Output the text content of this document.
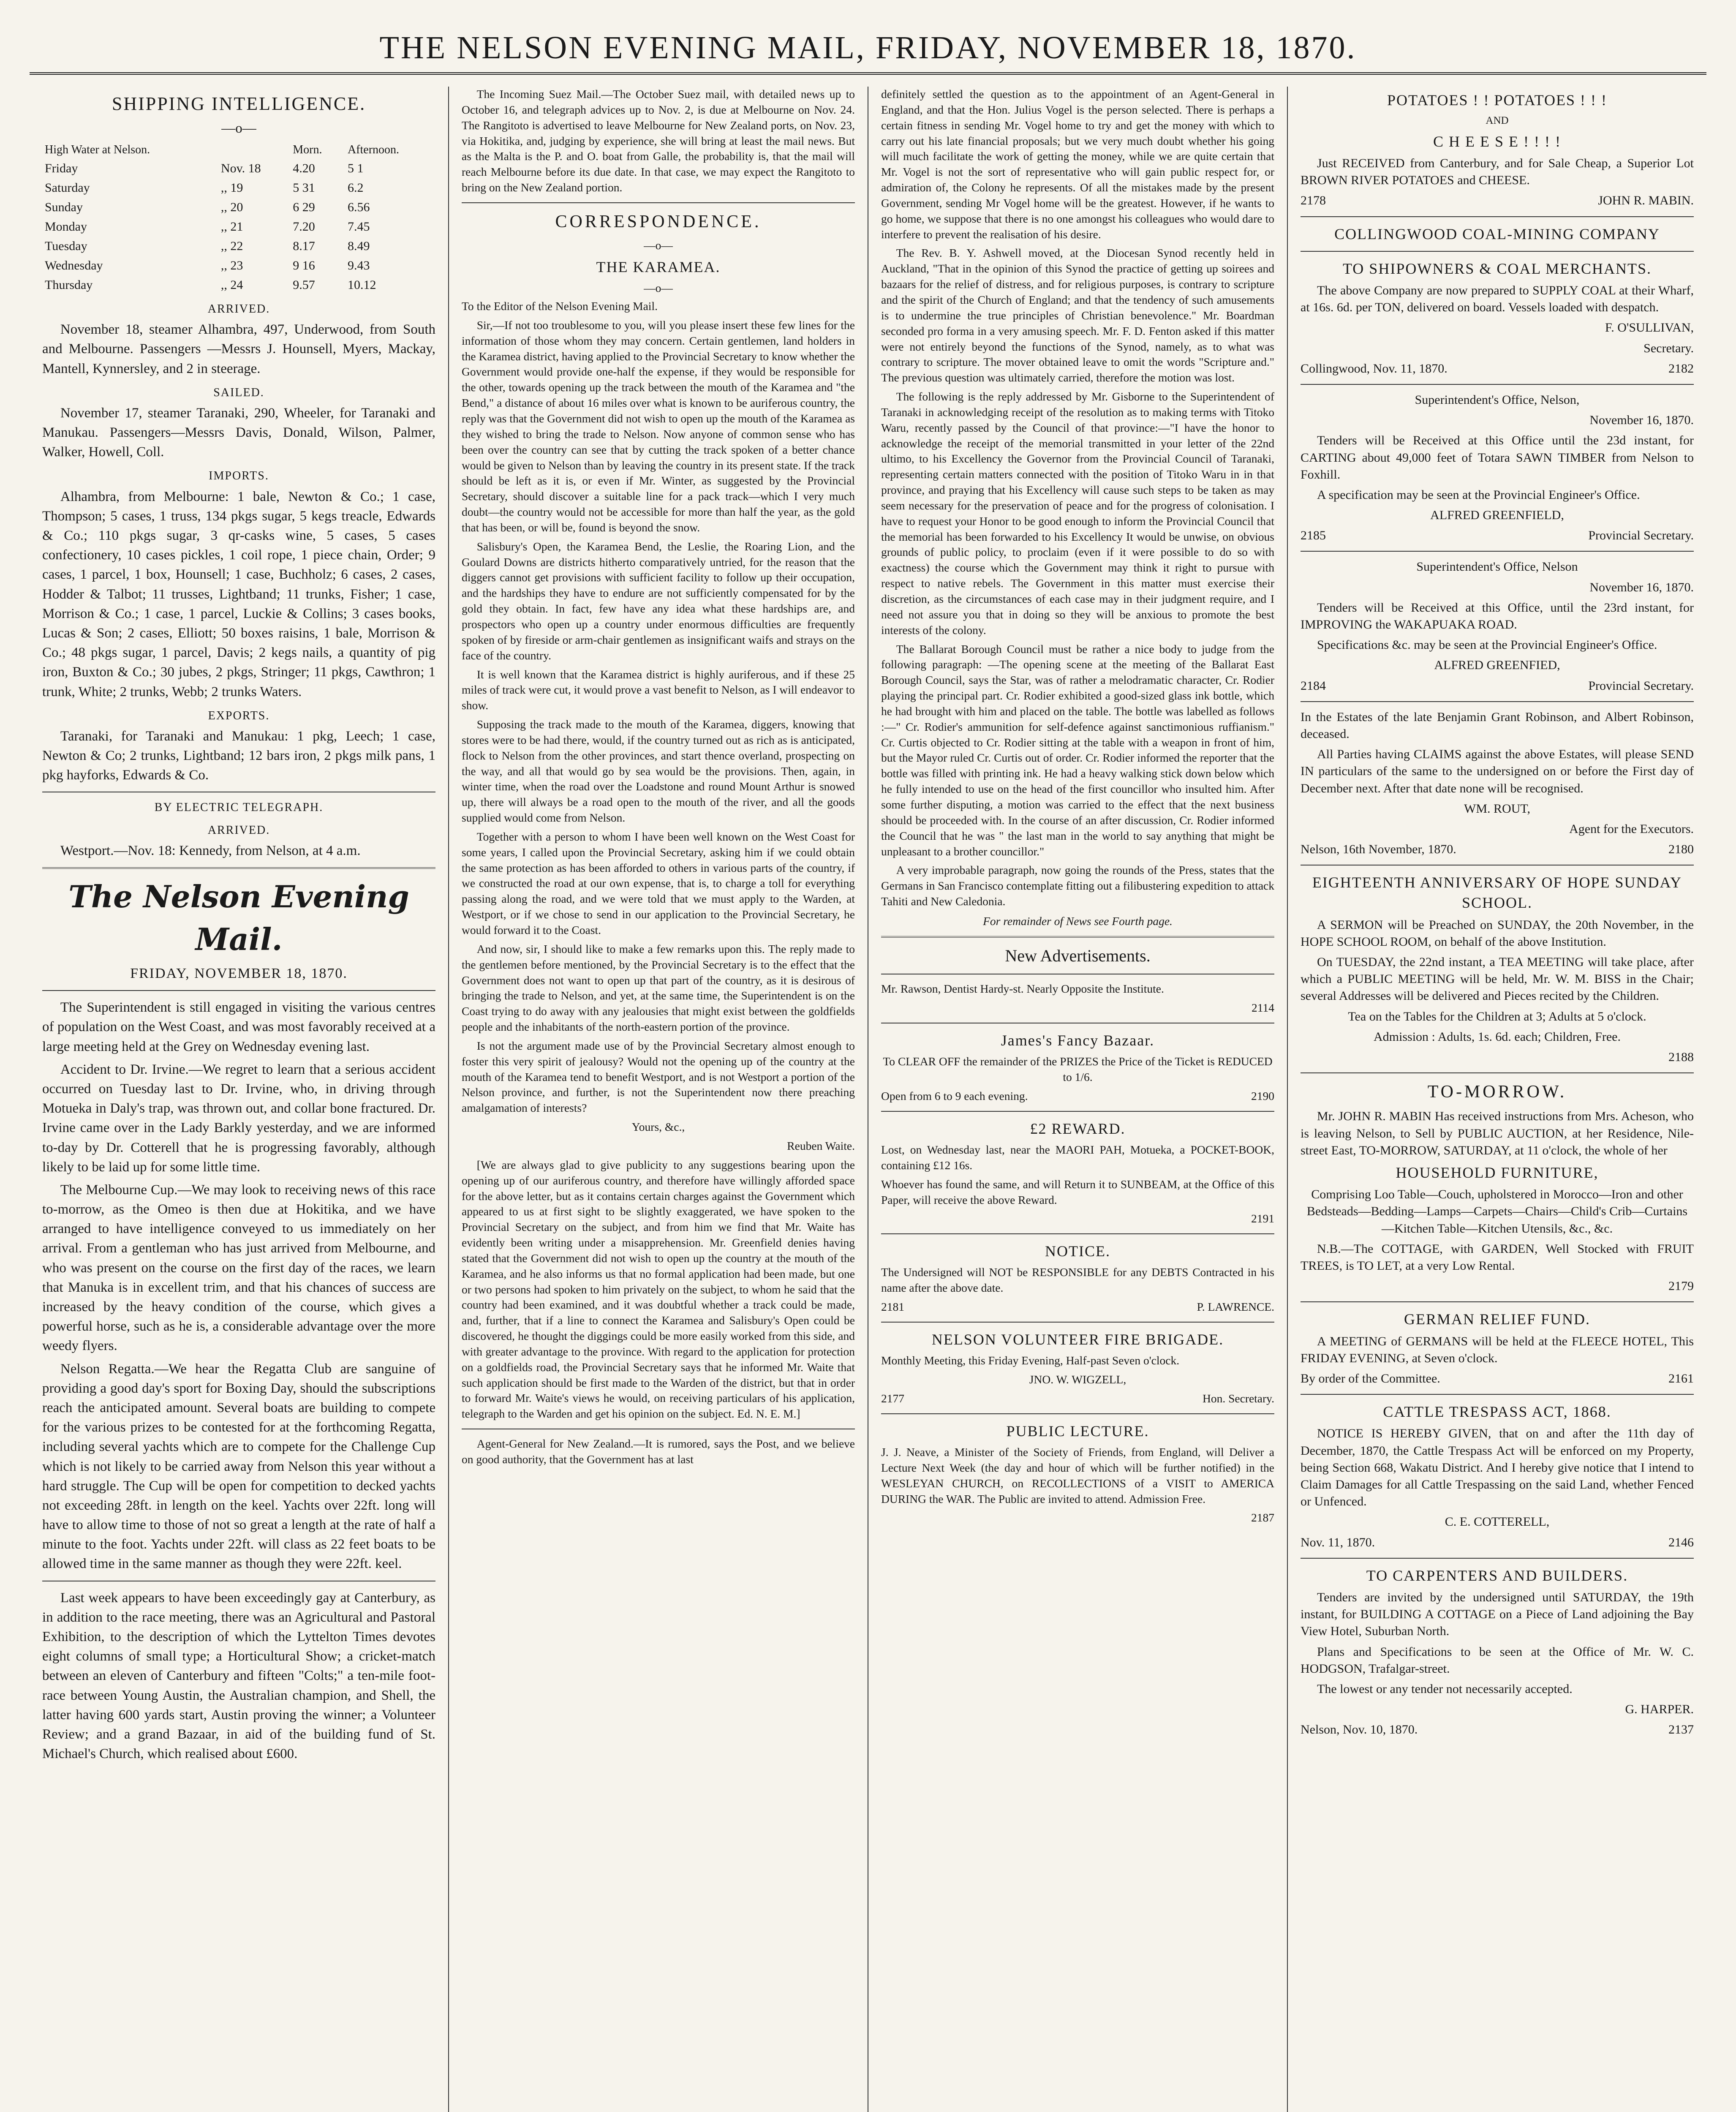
THE NELSON EVENING MAIL, FRIDAY, NOVEMBER 18, 1870.
SHIPPING INTELLIGENCE.
—o—
High Water at Nelson.		Morn.	Afternoon.
Friday	Nov. 18	4.20	5 1
Saturday	,, 19	5 31	6.2
Sunday	,, 20	6 29	6.56
Monday	,, 21	7.20	7.45
Tuesday	,, 22	8.17	8.49
Wednesday	,, 23	9 16	9.43
Thursday	,, 24	9.57	10.12
ARRIVED.

November 18, steamer Alhambra, 497, Underwood, from South and Melbourne. Passengers —Messrs J. Hounsell, Myers, Mackay, Mantell, Kynnersley, and 2 in steerage.

SAILED.

November 17, steamer Taranaki, 290, Wheeler, for Taranaki and Manukau. Passengers—Messrs Davis, Donald, Wilson, Palmer, Walker, Howell, Coll.

IMPORTS.

Alhambra, from Melbourne: 1 bale, Newton & Co.; 1 case, Thompson; 5 cases, 1 truss, 134 pkgs sugar, 5 kegs treacle, Edwards & Co.; 110 pkgs sugar, 3 qr-casks wine, 5 cases, 5 cases confectionery, 10 cases pickles, 1 coil rope, 1 piece chain, Order; 9 cases, 1 parcel, 1 box, Hounsell; 1 case, Buchholz; 6 cases, 2 cases, Hodder & Talbot; 11 trusses, Lightband; 11 trunks, Fisher; 1 case, Morrison & Co.; 1 case, 1 parcel, Luckie & Collins; 3 cases books, Lucas & Son; 2 cases, Elliott; 50 boxes raisins, 1 bale, Morrison & Co.; 48 pkgs sugar, 1 parcel, Davis; 2 kegs nails, a quantity of pig iron, Buxton & Co.; 30 jubes, 2 pkgs, Stringer; 11 pkgs, Cawthron; 1 trunk, White; 2 trunks, Webb; 2 trunks Waters.

EXPORTS.

Taranaki, for Taranaki and Manukau: 1 pkg, Leech; 1 case, Newton & Co; 2 trunks, Lightband; 12 bars iron, 2 pkgs milk pans, 1 pkg hayforks, Edwards & Co.

BY ELECTRIC TELEGRAPH.
ARRIVED.

Westport.—Nov. 18: Kennedy, from Nelson, at 4 a.m.

The Nelson Evening Mail.
FRIDAY, NOVEMBER 18, 1870.

The Superintendent is still engaged in visiting the various centres of population on the West Coast, and was most favorably received at a large meeting held at the Grey on Wednesday evening last.

Accident to Dr. Irvine.—We regret to learn that a serious accident occurred on Tuesday last to Dr. Irvine, who, in driving through Motueka in Daly's trap, was thrown out, and collar bone fractured. Dr. Irvine came over in the Lady Barkly yesterday, and we are informed to-day by Dr. Cotterell that he is progressing favorably, although likely to be laid up for some little time.

The Melbourne Cup.—We may look to receiving news of this race to-morrow, as the Omeo is then due at Hokitika, and we have arranged to have intelligence conveyed to us immediately on her arrival. From a gentleman who has just arrived from Melbourne, and who was present on the course on the first day of the races, we learn that Manuka is in excellent trim, and that his chances of success are increased by the heavy condition of the course, which gives a powerful horse, such as he is, a considerable advantage over the more weedy flyers.

Nelson Regatta.—We hear the Regatta Club are sanguine of providing a good day's sport for Boxing Day, should the subscriptions reach the anticipated amount. Several boats are building to compete for the various prizes to be contested for at the forthcoming Regatta, including several yachts which are to compete for the Challenge Cup which is not likely to be carried away from Nelson this year without a hard struggle. The Cup will be open for competition to decked yachts not exceeding 28ft. in length on the keel. Yachts over 22ft. long will have to allow time to those of not so great a length at the rate of half a minute to the foot. Yachts under 22ft. will class as 22 feet boats to be allowed time in the same manner as though they were 22ft. keel.

Last week appears to have been exceedingly gay at Canterbury, as in addition to the race meeting, there was an Agricultural and Pastoral Exhibition, to the description of which the Lyttelton Times devotes eight columns of small type; a Horticultural Show; a cricket-match between an eleven of Canterbury and fifteen "Colts;" a ten-mile foot-race between Young Austin, the Australian champion, and Shell, the latter having 600 yards start, Austin proving the winner; a Volunteer Review; and a grand Bazaar, in aid of the building fund of St. Michael's Church, which realised about £600.

The Incoming Suez Mail.—The October Suez mail, with detailed news up to October 16, and telegraph advices up to Nov. 2, is due at Melbourne on Nov. 24. The Rangitoto is advertised to leave Melbourne for New Zealand ports, on Nov. 23, via Hokitika, and, judging by experience, she will bring at least the mail news. But as the Malta is the P. and O. boat from Galle, the probability is, that the mail will reach Melbourne before its due date. In that case, we may expect the Rangitoto to bring on the New Zealand portion.

CORRESPONDENCE.
—o—
THE KARAMEA.
—o—

To the Editor of the Nelson Evening Mail.

Sir,—If not too troublesome to you, will you please insert these few lines for the information of those whom they may concern. Certain gentlemen, land holders in the Karamea district, having applied to the Provincial Secretary to know whether the Government would provide one-half the expense, if they would be responsible for the other, towards opening up the track between the mouth of the Karamea and "the Bend," a distance of about 16 miles over what is known to be auriferous country, the reply was that the Government did not wish to open up the mouth of the Karamea as they wished to bring the trade to Nelson. Now anyone of common sense who has been over the country can see that by cutting the track spoken of a better chance would be given to Nelson than by leaving the country in its present state. If the track should be left as it is, or even if Mr. Winter, as suggested by the Provincial Secretary, should discover a suitable line for a pack track—which I very much doubt—the country would not be accessible for more than half the year, as the gold that has been, or will be, found is beyond the snow.

Salisbury's Open, the Karamea Bend, the Leslie, the Roaring Lion, and the Goulard Downs are districts hitherto comparatively untried, for the reason that the diggers cannot get provisions with sufficient facility to follow up their occupation, and the hardships they have to endure are not sufficiently compensated for by the gold they obtain. In fact, few have any idea what these hardships are, and prospectors who open up a country under enormous difficulties are frequently spoken of by fireside or arm-chair gentlemen as insignificant waifs and strays on the face of the country.

It is well known that the Karamea district is highly auriferous, and if these 25 miles of track were cut, it would prove a vast benefit to Nelson, as I will endeavor to show.

Supposing the track made to the mouth of the Karamea, diggers, knowing that stores were to be had there, would, if the country turned out as rich as is anticipated, flock to Nelson from the other provinces, and start thence overland, prospecting on the way, and all that would go by sea would be the provisions. Then, again, in winter time, when the road over the Loadstone and round Mount Arthur is snowed up, there will always be a road open to the mouth of the river, and all the goods supplied would come from Nelson.

Together with a person to whom I have been well known on the West Coast for some years, I called upon the Provincial Secretary, asking him if we could obtain the same protection as has been afforded to others in various parts of the country, if we constructed the road at our own expense, that is, to charge a toll for everything passing along the road, and we were told that we must apply to the Warden, at Westport, or if we chose to send in our application to the Provincial Secretary, he would forward it to the Coast.

And now, sir, I should like to make a few remarks upon this. The reply made to the gentlemen before mentioned, by the Provincial Secretary is to the effect that the Government does not want to open up that part of the country, as it is desirous of bringing the trade to Nelson, and yet, at the same time, the Superintendent is on the Coast trying to do away with any jealousies that might exist between the goldfields people and the inhabitants of the north-eastern portion of the province.

Is not the argument made use of by the Provincial Secretary almost enough to foster this very spirit of jealousy? Would not the opening up of the country at the mouth of the Karamea tend to benefit Westport, and is not Westport a portion of the Nelson province, and further, is not the Superintendent now there preaching amalgamation of interests?

Yours, &c.,

Reuben Waite.

[We are always glad to give publicity to any suggestions bearing upon the opening up of our auriferous country, and therefore have willingly afforded space for the above letter, but as it contains certain charges against the Government which appeared to us at first sight to be slightly exaggerated, we have spoken to the Provincial Secretary on the subject, and from him we find that Mr. Waite has evidently been writing under a misapprehension. Mr. Greenfield denies having stated that the Government did not wish to open up the country at the mouth of the Karamea, and he also informs us that no formal application had been made, but one or two persons had spoken to him privately on the subject, to whom he said that the country had been examined, and it was doubtful whether a track could be made, and, further, that if a line to connect the Karamea and Salisbury's Open could be discovered, he thought the diggings could be more easily worked from this side, and with greater advantage to the province. With regard to the application for protection on a goldfields road, the Provincial Secretary says that he informed Mr. Waite that such application should be first made to the Warden of the district, but that in order to forward Mr. Waite's views he would, on receiving particulars of his application, telegraph to the Warden and get his opinion on the subject. Ed. N. E. M.]

Agent-General for New Zealand.—It is rumored, says the Post, and we believe on good authority, that the Government has at last

definitely settled the question as to the appointment of an Agent-General in England, and that the Hon. Julius Vogel is the person selected. There is perhaps a certain fitness in sending Mr. Vogel home to try and get the money with which to carry out his late financial proposals; but we very much doubt whether his going will much facilitate the work of getting the money, while we are quite certain that Mr. Vogel is not the sort of representative who will gain public respect for, or admiration of, the Colony he represents. Of all the mistakes made by the present Government, sending Mr Vogel home will be the greatest. However, if he wants to go home, we suppose that there is no one amongst his colleagues who would dare to interfere to prevent the realisation of his desire.

The Rev. B. Y. Ashwell moved, at the Diocesan Synod recently held in Auckland, "That in the opinion of this Synod the practice of getting up soirees and bazaars for the relief of distress, and for religious purposes, is contrary to scripture and the spirit of the Church of England; and that the tendency of such amusements is to undermine the true principles of Christian benevolence." Mr. Boardman seconded pro forma in a very amusing speech. Mr. F. D. Fenton asked if this matter were not entirely beyond the functions of the Synod, namely, as to what was contrary to scripture. The mover obtained leave to omit the words "Scripture and." The previous question was ultimately carried, therefore the motion was lost.

The following is the reply addressed by Mr. Gisborne to the Superintendent of Taranaki in acknowledging receipt of the resolution as to making terms with Titoko Waru, recently passed by the Council of that province:—"I have the honor to acknowledge the receipt of the memorial transmitted in your letter of the 22nd ultimo, to his Excellency the Governor from the Provincial Council of Taranaki, representing certain matters connected with the position of Titoko Waru in in that province, and praying that his Excellency will cause such steps to be taken as may seem necessary for the preservation of peace and for the progress of colonisation. I have to request your Honor to be good enough to inform the Provincial Council that the memorial has been forwarded to his Excellency It would be unwise, on obvious grounds of public policy, to proclaim (even if it were possible to do so with exactness) the course which the Government may think it right to pursue with respect to native rebels. The Government in this matter must exercise their discretion, as the circumstances of each case may in their judgment require, and I need not assure you that in doing so they will be anxious to promote the best interests of the colony.

The Ballarat Borough Council must be rather a nice body to judge from the following paragraph: —The opening scene at the meeting of the Ballarat East Borough Council, says the Star, was of rather a melodramatic character, Cr. Rodier playing the principal part. Cr. Rodier exhibited a good-sized glass ink bottle, which he had brought with him and placed on the table. The bottle was labelled as follows :—" Cr. Rodier's ammunition for self-defence against sanctimonious ruffianism." Cr. Curtis objected to Cr. Rodier sitting at the table with a weapon in front of him, but the Mayor ruled Cr. Curtis out of order. Cr. Rodier informed the reporter that the bottle was filled with printing ink. He had a heavy walking stick down below which he fully intended to use on the head of the first councillor who insulted him. After some further disputing, a motion was carried to the effect that the next business should be proceeded with. In the course of an after discussion, Cr. Rodier informed the Council that he was " the last man in the world to say anything that might be unpleasant to a brother councillor."

A very improbable paragraph, now going the rounds of the Press, states that the Germans in San Francisco contemplate fitting out a filibustering expedition to attack Tahiti and New Caledonia.

For remainder of News see Fourth page.

New Advertisements.

Mr. Rawson, Dentist Hardy-st. Nearly Opposite the Institute.

2114

James's Fancy Bazaar.

To CLEAR OFF the remainder of the PRIZES the Price of the Ticket is REDUCED to 1/6.

Open from 6 to 9 each evening.	2190
£2 REWARD.

Lost, on Wednesday last, near the MAORI PAH, Motueka, a POCKET-BOOK, containing £12 16s.

Whoever has found the same, and will Return it to SUNBEAM, at the Office of this Paper, will receive the above Reward.

2191

NOTICE.

The Undersigned will NOT be RESPONSIBLE for any DEBTS Contracted in his name after the above date.

2181	P. LAWRENCE.
NELSON VOLUNTEER FIRE BRIGADE.

Monthly Meeting, this Friday Evening, Half-past Seven o'clock.

JNO. W. WIGZELL,

2177	Hon. Secretary.
PUBLIC LECTURE.

J. J. Neave, a Minister of the Society of Friends, from England, will Deliver a Lecture Next Week (the day and hour of which will be further notified) in the WESLEYAN CHURCH, on RECOLLECTIONS of a VISIT to AMERICA DURING the WAR. The Public are invited to attend. Admission Free.

2187

POTATOES ! ! POTATOES ! ! !

AND

C H E E S E ! ! ! !

Just RECEIVED from Canterbury, and for Sale Cheap, a Superior Lot BROWN RIVER POTATOES and CHEESE.

2178	JOHN R. MABIN.
COLLINGWOOD COAL-MINING COMPANY
TO SHIPOWNERS & COAL MERCHANTS.

The above Company are now prepared to SUPPLY COAL at their Wharf, at 16s. 6d. per TON, delivered on board. Vessels loaded with despatch.

F. O'SULLIVAN,

Secretary.

Collingwood, Nov. 11, 1870.	2182

Superintendent's Office, Nelson,

November 16, 1870.

Tenders will be Received at this Office until the 23d instant, for CARTING about 49,000 feet of Totara SAWN TIMBER from Nelson to Foxhill.

A specification may be seen at the Provincial Engineer's Office.

ALFRED GREENFIELD,

2185	Provincial Secretary.

Superintendent's Office, Nelson

November 16, 1870.

Tenders will be Received at this Office, until the 23rd instant, for IMPROVING the WAKAPUAKA ROAD.

Specifications &c. may be seen at the Provincial Engineer's Office.

ALFRED GREENFIED,

2184	Provincial Secretary.

In the Estates of the late Benjamin Grant Robinson, and Albert Robinson, deceased.

All Parties having CLAIMS against the above Estates, will please SEND IN particulars of the same to the undersigned on or before the First day of December next. After that date none will be recognised.

WM. ROUT,

Agent for the Executors.

Nelson, 16th November, 1870.	2180
EIGHTEENTH ANNIVERSARY OF HOPE SUNDAY SCHOOL.

A SERMON will be Preached on SUNDAY, the 20th November, in the HOPE SCHOOL ROOM, on behalf of the above Institution.

On TUESDAY, the 22nd instant, a TEA MEETING will take place, after which a PUBLIC MEETING will be held, Mr. W. M. BISS in the Chair; several Addresses will be delivered and Pieces recited by the Children.

Tea on the Tables for the Children at 3; Adults at 5 o'clock.

Admission : Adults, 1s. 6d. each; Children, Free.

2188

TO-MORROW.

Mr. JOHN R. MABIN Has received instructions from Mrs. Acheson, who is leaving Nelson, to Sell by PUBLIC AUCTION, at her Residence, Nile-street East, TO-MORROW, SATURDAY, at 11 o'clock, the whole of her

HOUSEHOLD FURNITURE,

Comprising Loo Table—Couch, upholstered in Morocco—Iron and other Bedsteads—Bedding—Lamps—Carpets—Chairs—Child's Crib—Curtains—Kitchen Table—Kitchen Utensils, &c., &c.

N.B.—The COTTAGE, with GARDEN, Well Stocked with FRUIT TREES, is TO LET, at a very Low Rental.

2179

GERMAN RELIEF FUND.

A MEETING of GERMANS will be held at the FLEECE HOTEL, This FRIDAY EVENING, at Seven o'clock.

By order of the Committee.	2161
CATTLE TRESPASS ACT, 1868.

NOTICE IS HEREBY GIVEN, that on and after the 11th day of December, 1870, the Cattle Trespass Act will be enforced on my Property, being Section 668, Wakatu District. And I hereby give notice that I intend to Claim Damages for all Cattle Trespassing on the said Land, whether Fenced or Unfenced.

C. E. COTTERELL,

Nov. 11, 1870.	2146
TO CARPENTERS AND BUILDERS.

Tenders are invited by the undersigned until SATURDAY, the 19th instant, for BUILDING A COTTAGE on a Piece of Land adjoining the Bay View Hotel, Suburban North.

Plans and Specifications to be seen at the Office of Mr. W. C. HODGSON, Trafalgar-street.

The lowest or any tender not necessarily accepted.

G. HARPER.

Nelson, Nov. 10, 1870.	2137
